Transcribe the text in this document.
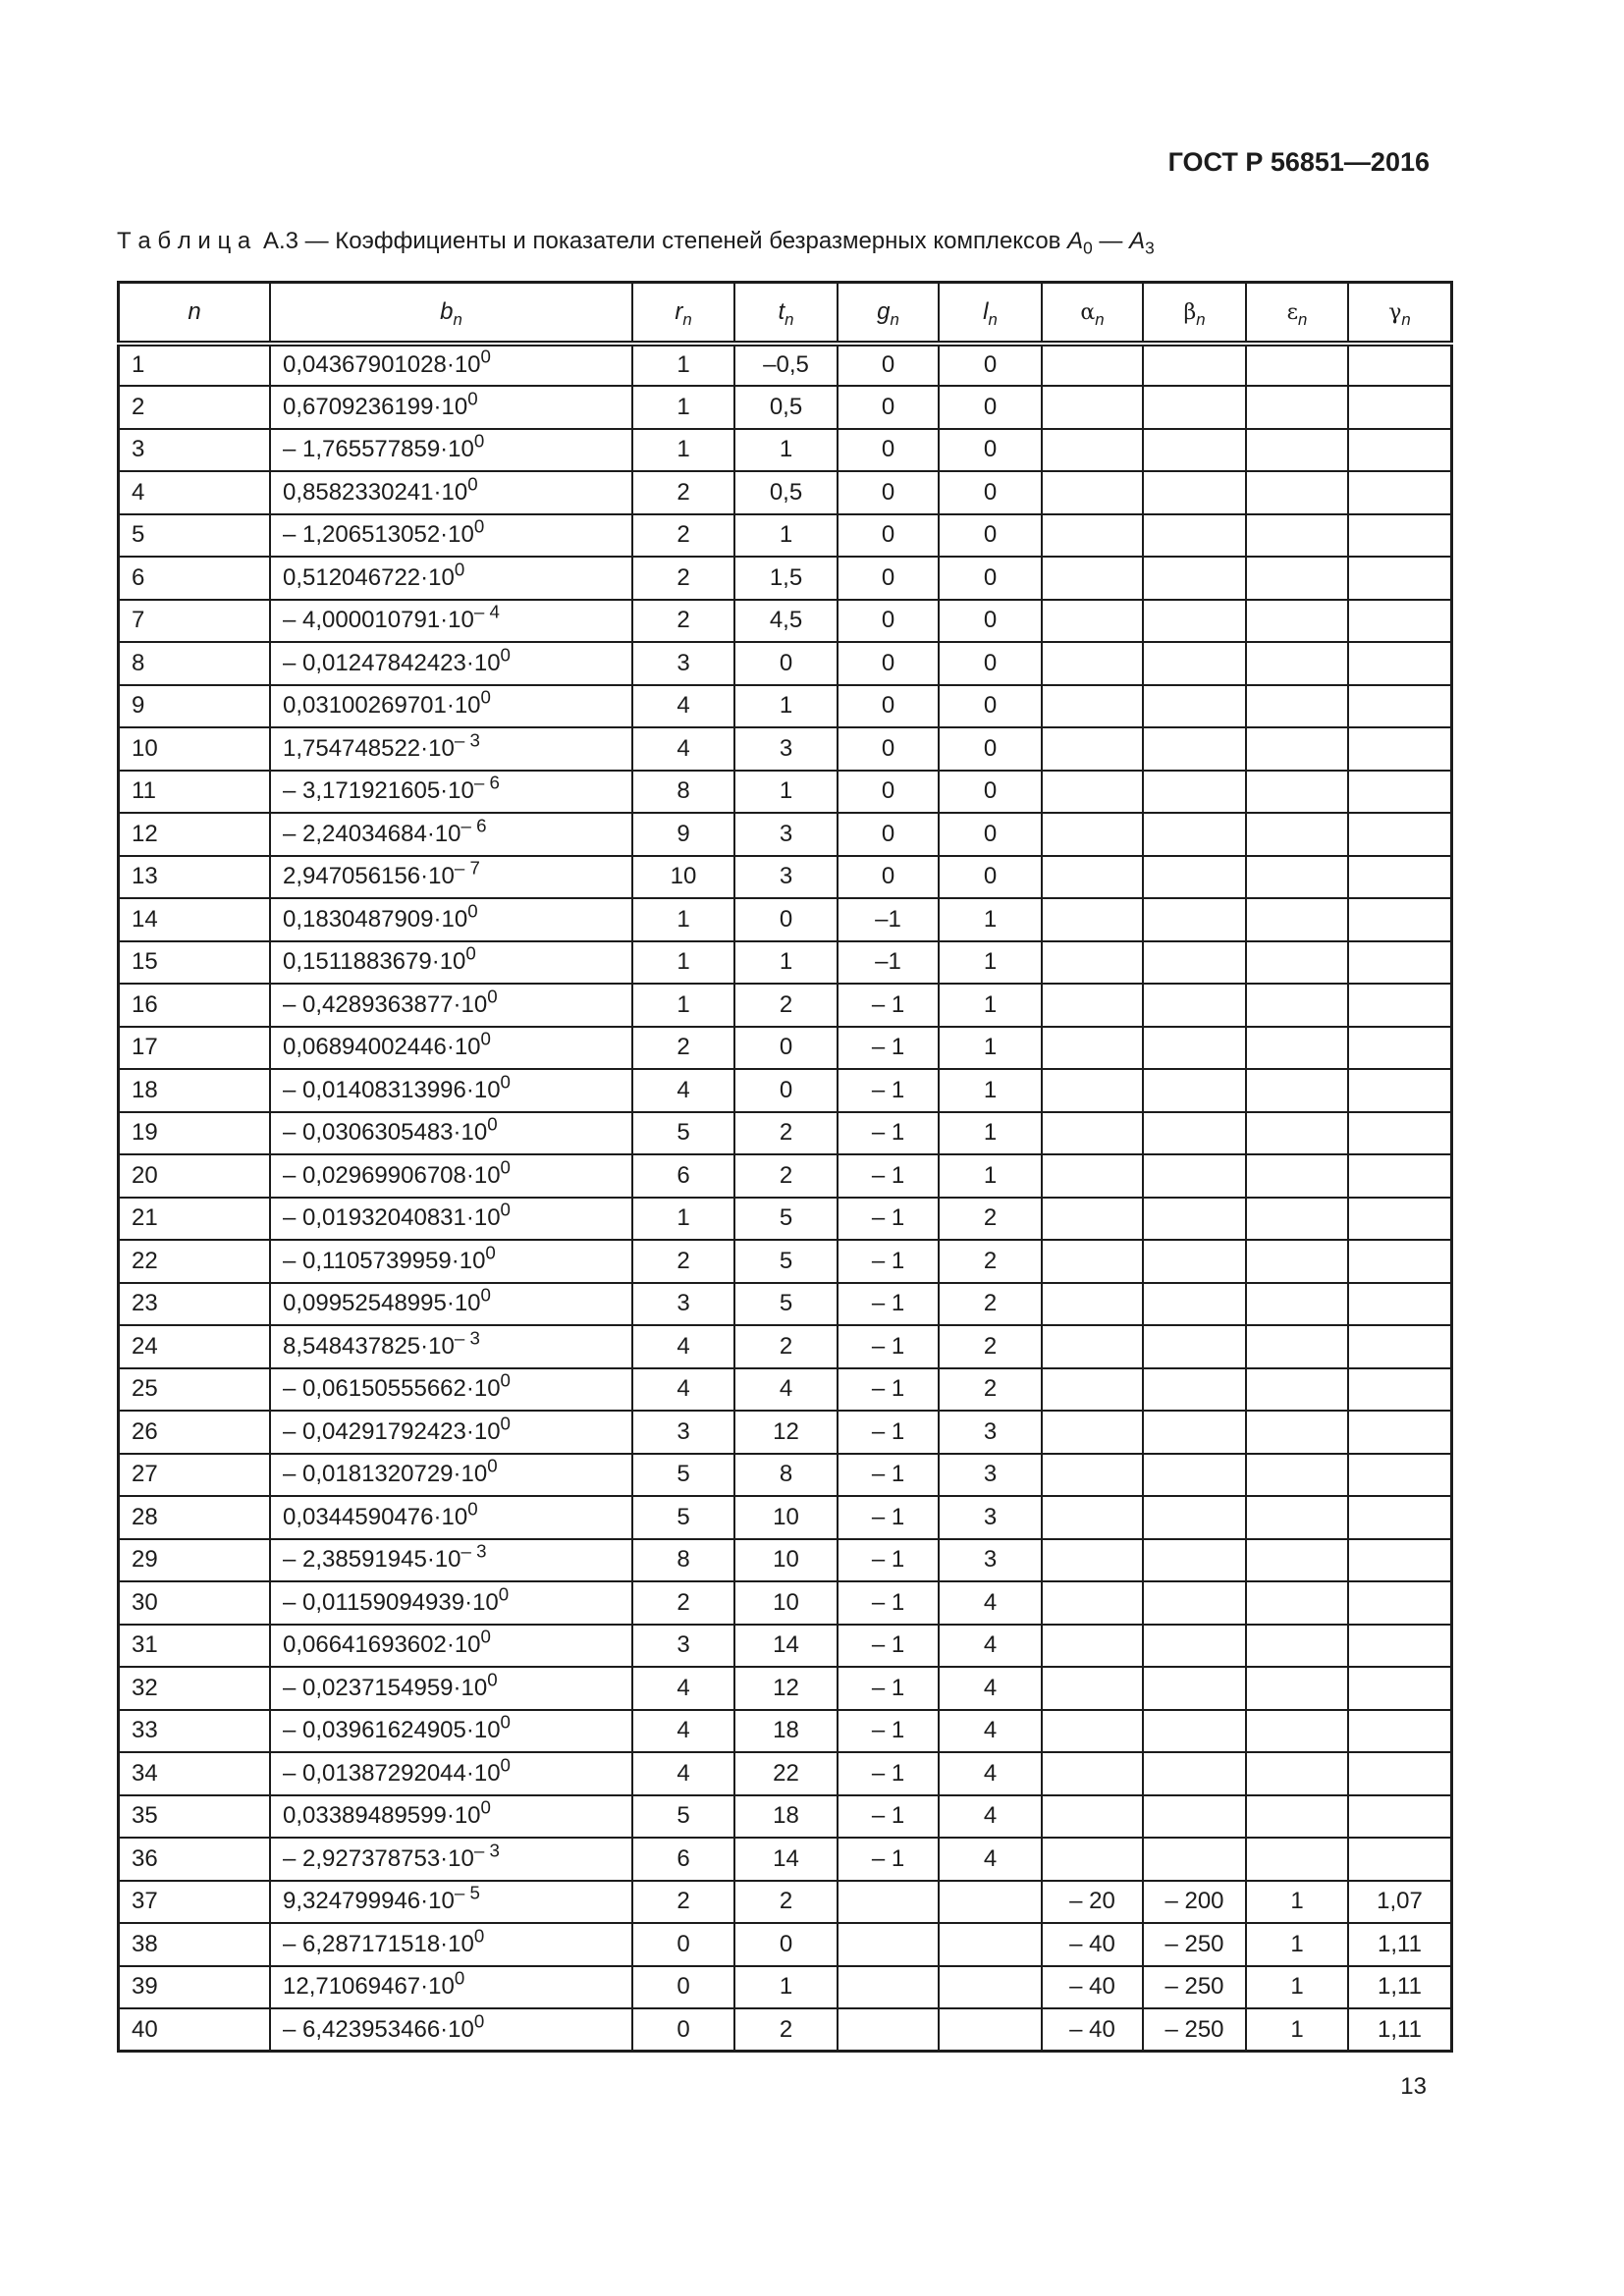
ГОСТ Р 56851—2016
Т а б л и ц а А.3 — Коэффициенты и показатели степеней безразмерных комплексов $A_0$ — $A_3$
n	$b_n$	$r_n$	$t_n$	$g_n$	$l_n$	$\alpha_n$	$\beta_n$	$\varepsilon_n$	$\gamma_n$
1	$0,04367901028\cdot 10^0$	1	–0,5	0	0				
2	$0,6709236199\cdot 10^0$	1	0,5	0	0				
3	– $1,765577859\cdot 10^0$	1	1	0	0				
4	$0,8582330241\cdot 10^0$	2	0,5	0	0				
5	– $1,206513052\cdot 10^0$	2	1	0	0				
6	$0,512046722\cdot 10^0$	2	1,5	0	0				
7	– $4,000010791\cdot 10^{- 4}$	2	4,5	0	0				
8	– $0,01247842423\cdot 10^0$	3	0	0	0				
9	$0,03100269701\cdot 10^0$	4	1	0	0				
10	$1,754748522\cdot 10^{- 3}$	4	3	0	0				
11	– $3,171921605\cdot 10^{- 6}$	8	1	0	0				
12	– $2,24034684\cdot 10^{- 6}$	9	3	0	0				
13	$2,947056156\cdot 10^{- 7}$	10	3	0	0				
14	$0,1830487909\cdot 10^0$	1	0	–1	1				
15	$0,1511883679\cdot 10^0$	1	1	–1	1				
16	– $0,4289363877\cdot 10^0$	1	2	– 1	1				
17	$0,06894002446\cdot 10^0$	2	0	– 1	1				
18	– $0,01408313996\cdot 10^0$	4	0	– 1	1				
19	– $0,0306305483\cdot 10^0$	5	2	– 1	1				
20	– $0,02969906708\cdot 10^0$	6	2	– 1	1				
21	– $0,01932040831\cdot 10^0$	1	5	– 1	2				
22	– $0,1105739959\cdot 10^0$	2	5	– 1	2				
23	$0,09952548995\cdot 10^0$	3	5	– 1	2				
24	$8,548437825\cdot 10^{- 3}$	4	2	– 1	2				
25	– $0,06150555662\cdot 10^0$	4	4	– 1	2				
26	– $0,04291792423\cdot 10^0$	3	12	– 1	3				
27	– $0,0181320729\cdot 10^0$	5	8	– 1	3				
28	$0,0344590476\cdot 10^0$	5	10	– 1	3				
29	– $2,38591945\cdot 10^{- 3}$	8	10	– 1	3				
30	– $0,01159094939\cdot 10^0$	2	10	– 1	4				
31	$0,06641693602\cdot 10^0$	3	14	– 1	4				
32	– $0,0237154959\cdot 10^0$	4	12	– 1	4				
33	– $0,03961624905\cdot 10^0$	4	18	– 1	4				
34	– $0,01387292044\cdot 10^0$	4	22	– 1	4				
35	$0,03389489599\cdot 10^0$	5	18	– 1	4				
36	– $2,927378753\cdot 10^{- 3}$	6	14	– 1	4				
37	$9,324799946\cdot 10^{- 5}$	2	2			– 20	– 200	1	1,07
38	– $6,287171518\cdot 10^0$	0	0			– 40	– 250	1	1,11
39	$12,71069467\cdot 10^0$	0	1			– 40	– 250	1	1,11
40	– $6,423953466\cdot 10^0$	0	2			– 40	– 250	1	1,11
13
